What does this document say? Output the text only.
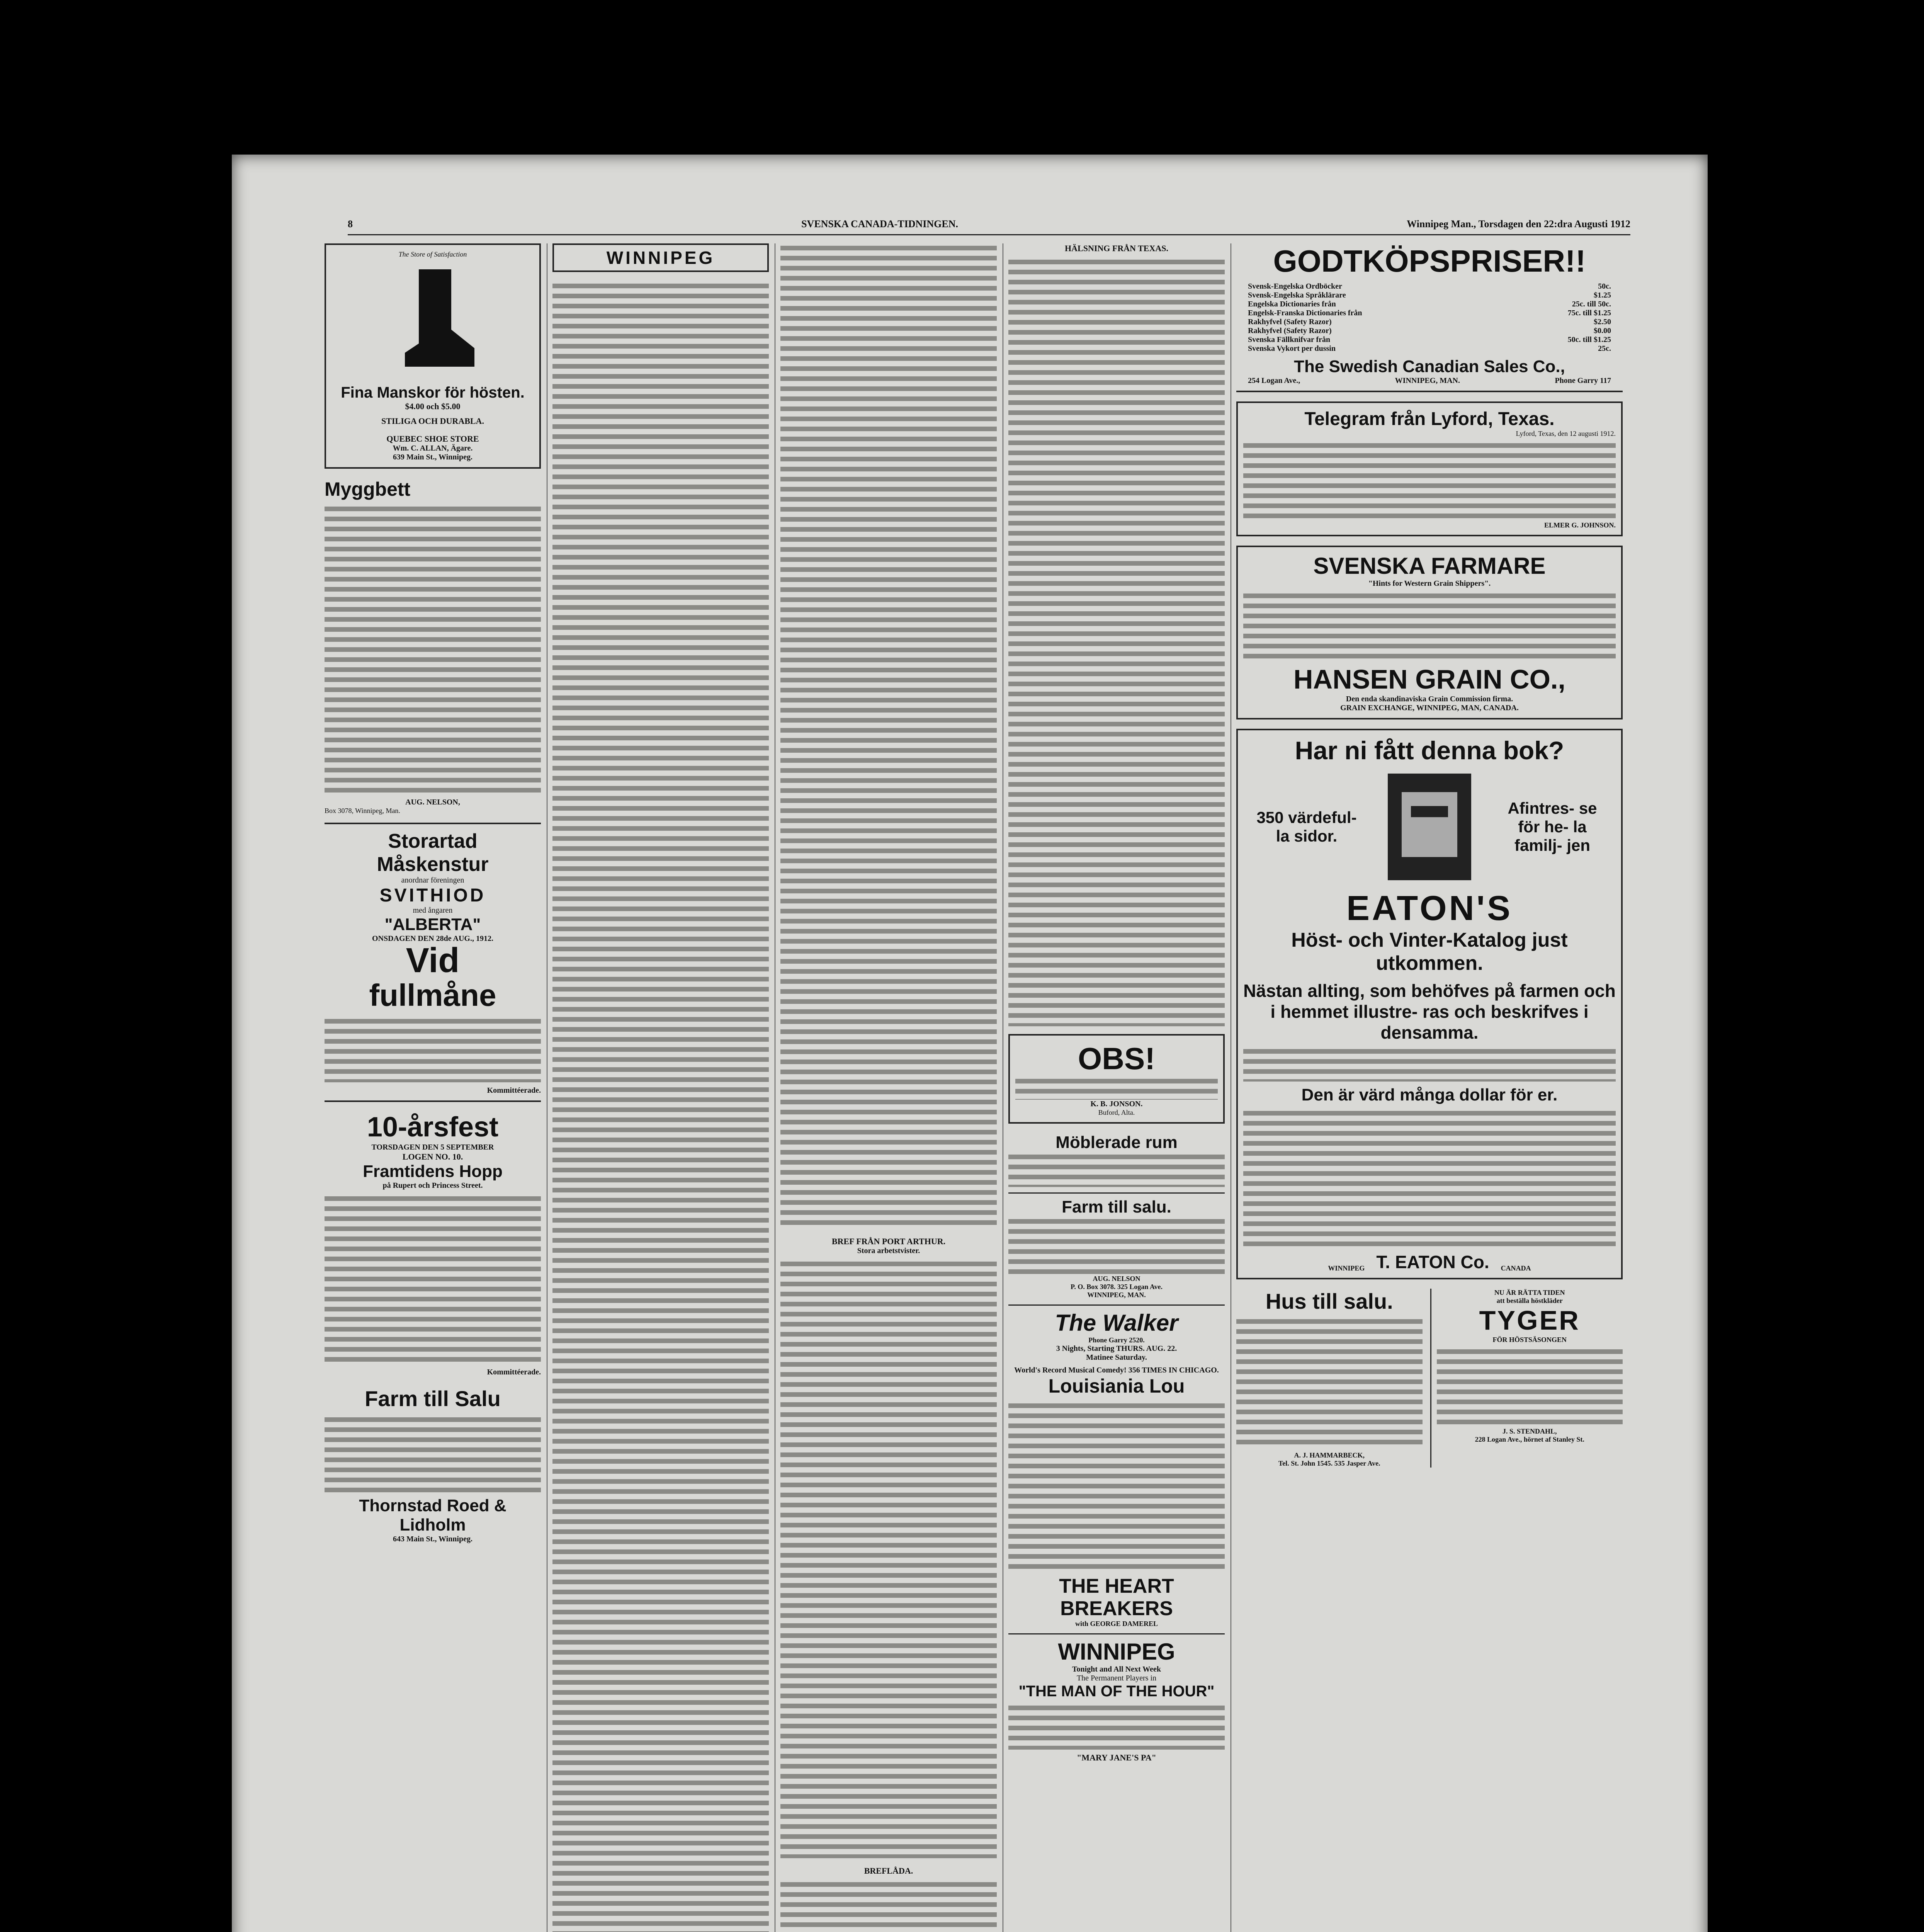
8	SVENSKA CANADA-TIDNINGEN.	Winnipeg Man., Torsdagen den 22:dra Augusti 1912
The Store of Satisfaction
Fina Manskor för hösten.
$4.00 och $5.00
STILIGA OCH DURABLA.
QUEBEC SHOE STORE
Wm. C. ALLAN, Ägare.
639 Main St., Winnipeg.
Myggbett
AUG. NELSON,
Box 3078, Winnipeg, Man.
Storartad
Måskenstur
anordnar föreningen
SVITHIOD
med ångaren
"ALBERTA"
ONSDAGEN DEN 28de AUG., 1912.
Vid
fullmåne
Kommittéerade.
10-årsfest
TORSDAGEN DEN 5 SEPTEMBER
LOGEN NO. 10.
Framtidens Hopp
på Rupert och Princess Street.
Kommittéerade.
Farm till Salu
Thornstad Roed & Lidholm
643 Main St., Winnipeg.
WINNIPEG
BREF FRÅN PORT ARTHUR.
Stora arbetstvister.
BREFLÅDA.
HÄLSNING FRÅN TEXAS.
OBS!
K. B. JONSON.
Buford, Alta.
Möblerade rum
Farm till salu.
AUG. NELSON
P. O. Box 3078. 325 Logan Ave.
WINNIPEG, MAN.
The Walker
Phone Garry 2520.
3 Nights, Starting THURS. AUG. 22.
Matinee Saturday.
World's Record Musical Comedy! 356 TIMES IN CHICAGO.
Louisiania Lou
THE HEART BREAKERS
with GEORGE DAMEREL
WINNIPEG
Tonight and All Next Week
The Permanent Players in
"THE MAN OF THE HOUR"
"MARY JANE'S PA"
GODTKÖPSPRISER!!
Svensk-Engelska Ordböcker	50c.
Svensk-Engelska Språklärare	$1.25
Engelska Dictionaries från	25c. till 50c.
Engelsk-Franska Dictionaries från	75c. till $1.25
Rakhyfvel (Safety Razor)	$2.50
Rakhyfvel (Safety Razor)	$0.00
Svenska Fällknifvar från	50c. till $1.25
Svenska Vykort per dussin	25c.
The Swedish Canadian Sales Co.,
254 Logan Ave.,	WINNIPEG, MAN.	Phone Garry 117
Telegram från Lyford, Texas.
Lyford, Texas, den 12 augusti 1912.
ELMER G. JOHNSON.
SVENSKA FARMARE
"Hints for Western Grain Shippers".
HANSEN GRAIN CO.,
Den enda skandinaviska Grain Commission firma.
GRAIN EXCHANGE, WINNIPEG, MAN, CANADA.
Har ni fått denna bok?
350 värdeful- la sidor.
Afintres- se för he- la familj- jen
EATON'S
Höst- och Vinter-Katalog just utkommen.
Nästan allting, som behöfves på farmen och i hemmet illustre- ras och beskrifves i densamma.
Den är värd många dollar för er.
WINNIPEG T. EATON Co. CANADA
Hus till salu.
A. J. HAMMARBECK,
Tel. St. John 1545. 535 Jasper Ave.
NU ÄR RÄTTA TIDEN
att beställa höstkläder
TYGER
FÖR HÖSTSÄSONGEN
J. S. STENDAHL,
228 Logan Ave., hörnet af Stanley St.
